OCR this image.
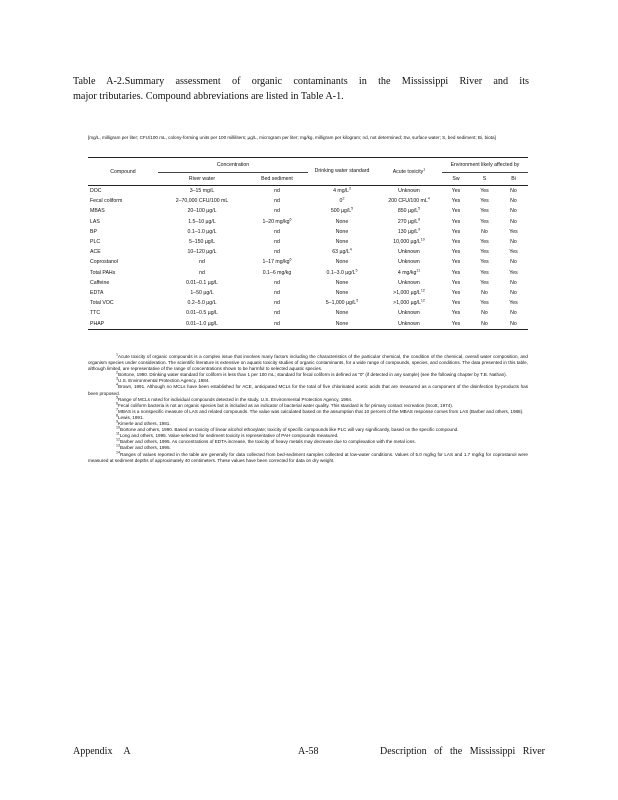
Table A-2.Summary assessment of organic contaminants in the Mississippi River and its
major tributaries. Compound abbreviations are listed in Table A-1.
[mg/L, milligram per liter; CFU/100 mL, colony-forming units per 100 milliliters; µg/L, microgram per liter; mg/kg, milligram per kilogram; nd, not determined; Sw, surface water; S, bed sediment; Bi, biota]
Compound	Concentration		Drinking water standard	Acute toxicity$^1$	Environment likely affected by		
	River water	Bed sediment			Sw	S	Bi
DOC	3–15 mg/L	nd	4 $mg/L^3$	Unknown	Yes	Yes	No
Fecal coliform	2–70,000 CFU/100 mL	nd	$0^2$	200 CFU/100 $mL^4$	Yes	Yes	No
MBAS	20–100 µg/L	nd	500 $\mu g/L^5$	850 $\mu g/L^5$	Yes	Yes	No
LAS	1.5–10 µg/L	1–20 $mg/kg^6$	None	270 $\mu g/L^8$	Yes	Yes	No
BP	0.1–1.0 µg/L	nd	None	130 $\mu g/L^9$	Yes	No	Yes
PLC	5–150 µg/L	nd	None	10,000 $\mu g/L^{10}$	Yes	Yes	No
ACE	10–120 µg/L	nd	63 $\mu g/L^4$	Unknown	Yes	Yes	Yes
Coprostanol	nd	1–17 $mg/kg^6$	None	Unknown	Yes	Yes	No
Total PAHs	nd	0.1–6 mg/kg	0.1–3.0 $\mu g/L^5$	4 $mg/kg^{11}$	Yes	Yes	Yes
Caffeine	0.01–0.1 µg/L	nd	None	Unknown	Yes	Yes	No
EDTA	1–50 µg/L	nd	None	>1,000 $\mu g/L^{12}$	Yes	No	No
Total VOC	0.2–5.0 µg/L	nd	5–1,000 $\mu g/L^5$	>1,000 $\mu g/L^{12}$	Yes	Yes	Yes
TTC	0.01–0.5 µg/L	nd	None	Unknown	Yes	No	No
PHAP	0.01–1.0 µg/L	nd	None	Unknown	Yes	No	No

$^1$Acute toxicity of organic compounds is a complex issue that involves many factors including the characteristics of the particular chemical, the condition of the chemical, overall water composition, and organism species under consideration. The scientific literature is extensive on aquatic toxicity studies of organic contaminants, for a wide range of compounds, species, and conditions. The data presented in this table, although limited, are representative of the range of concentrations shown to be harmful to selected aquatic species.

$^2$Bortone, 1990. Drinking water standard for coliform is less than 1 per 100 mL; standard for fecal coliform is defined as "0" (if detected in any sample) (see the following chapter by T.B. Nathan).

$^3$U.S. Environmental Protection Agency, 1984.

$^4$Brown, 1991. Although no MCLs have been established for ACE, anticipated MCLs for the total of five chlorinated acetic acids that are measured as a component of the disinfection by-products has been proposed.

$^5$Range of MCLs noted for individual compounds detected in the study. U.S. Environmental Protection Agency, 1994.

$^6$Fecal coliform bacteria is not an organic species but is included as an indicator of bacterial water quality. This standard is for primary contact recreation (Scott, 1974).

$^7$MBAS is a nonspecific measure of LAS and related compounds. The value was calculated based on the assumption that 10 percent of the MBAS response comes from LAS (Barber and others, 1988).

$^8$Lewis, 1991.

$^9$Kimerle and others, 1981.

$^{10}$Bortone and others, 1990. Based on toxicity of linear alcohol ethoxylate; toxicity of specific compounds like PLC will vary significantly, based on the specific compound.

$^{11}$Long and others, 1995. Value selected for sediment toxicity is representative of PAH compounds measured.

$^{12}$Barber and others, 1995. As concentrations of EDTA increase, the toxicity of heavy metals may decrease due to complexation with the metal ions.

$^{13}$Barber and others, 1995.

$^{14}$Ranges of values reported in the table are generally for data collected from bed-sediment samples collected at low-water conditions. Values of 5.0 mg/kg for LAS and 1.7 mg/kg for coprostanol were measured at sediment depths of approximately 40 centimeters. These values have been corrected for data on dry weight.

Appendix A	A-58	Description of the Mississippi River
